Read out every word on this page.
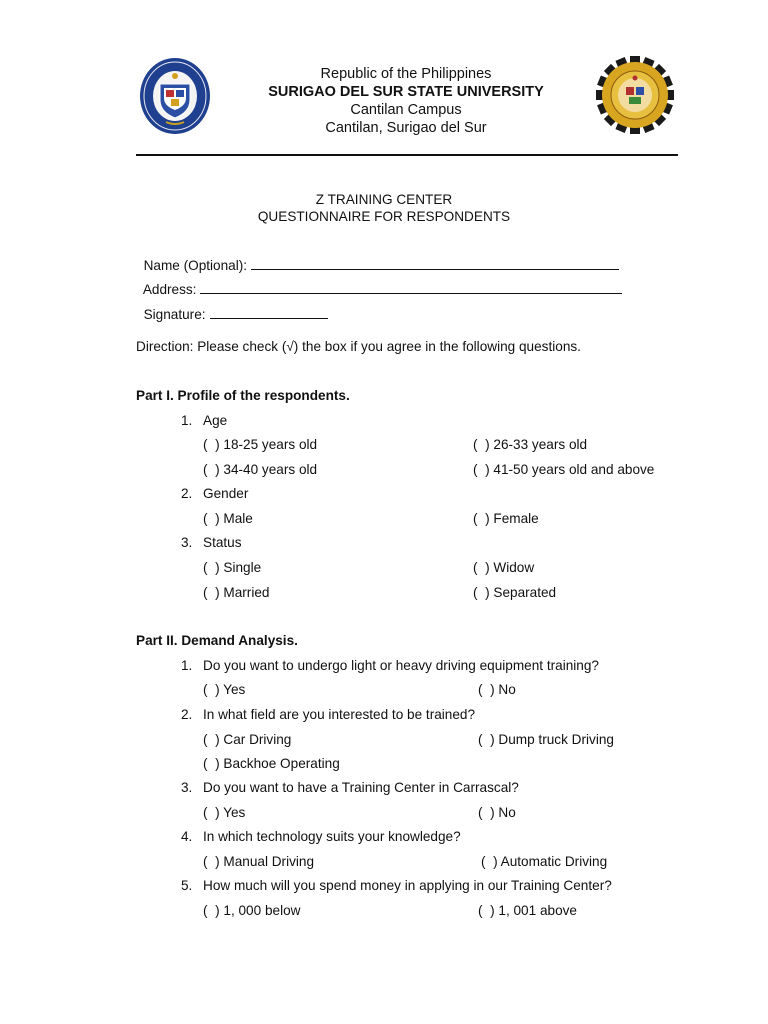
Republic of the Philippines
SURIGAO DEL SUR STATE UNIVERSITY
Cantilan Campus
Cantilan, Surigao del Sur
Z TRAINING CENTER
QUESTIONNAIRE FOR RESPONDENTS

Name (Optional):

Address:

Signature:

Direction: Please check (√) the box if you agree in the following questions.
Part I. Profile of the respondents.
1. Age
(  ) 18-25 years old	(  ) 26-33 years old
(  ) 34-40 years old	(  ) 41-50 years old and above
2. Gender
(  ) Male	(  ) Female
3. Status
(  ) Single	(  ) Widow
(  ) Married	(  ) Separated
Part II. Demand Analysis.
1. Do you want to undergo light or heavy driving equipment training?
(  ) Yes	(  ) No
2. In what field are you interested to be trained?
(  ) Car Driving	(  ) Dump truck Driving
(  ) Backhoe Operating
3. Do you want to have a Training Center in Carrascal?
(  ) Yes	(  ) No
4. In which technology suits your knowledge?
(  ) Manual Driving	(  ) Automatic Driving
5. How much will you spend money in applying in our Training Center?
(  ) 1, 000 below	(  ) 1, 001 above
